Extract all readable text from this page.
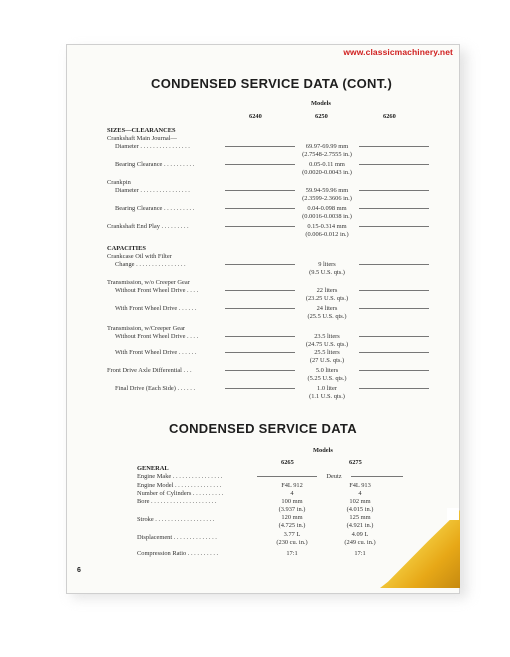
www.classicmachinery.net
CONDENSED SERVICE DATA (CONT.)
Models
6240	6250	6260
SIZES—CLEARANCES
Crankshaft Main Journal—
Diameter . . . . . . . . . . . . . . . .	69.97-69.99 mm
(2.7548-2.7555 in.)
Bearing Clearance . . . . . . . . . .	0.05-0.11 mm
(0.0020-0.0043 in.)
Crankpin
Diameter . . . . . . . . . . . . . . . .	59.94-59.96 mm
(2.3599-2.3606 in.)
Bearing Clearance . . . . . . . . . .	0.04-0.098 mm
(0.0016-0.0038 in.)
Crankshaft End Play . . . . . . . . .	0.15-0.314 mm
(0.006-0.012 in.)
CAPACITIES
Crankcase Oil with Filter
Change . . . . . . . . . . . . . . . .	9 liters
(9.5 U.S. qts.)
Transmission, w/o Creeper Gear
Without Front Wheel Drive . . . .	22 liters
(23.25 U.S. qts.)
With Front Wheel Drive . . . . . .	24 liters
(25.5 U.S. qts.)
Transmission, w/Creeper Gear
Without Front Wheel Drive . . . .	23.5 liters
(24.75 U.S. qts.)
With Front Wheel Drive . . . . . .	25.5 liters
(27 U.S. qts.)
Front Drive Axle Differential . . .	5.0 liters
(5.25 U.S. qts.)
Final Drive (Each Side) . . . . . .	1.0 liter
(1.1 U.S. qts.)
CONDENSED SERVICE DATA
Models
6265	6275
GENERAL
Engine Make . . . . . . . . . . . . . . . .	Deutz
Engine Model . . . . . . . . . . . . . . .	F4L 912	F4L 913
Number of Cylinders . . . . . . . . . .	4	4
Bore . . . . . . . . . . . . . . . . . . . . .	100 mm	102 mm
(3.937 in.)	(4.015 in.)
Stroke . . . . . . . . . . . . . . . . . . .	120 mm	125 mm
(4.725 in.)	(4.921 in.)
Displacement . . . . . . . . . . . . . .	3.77 L	4.09 L
(230 cu. in.)	(249 cu. in.)
Compression Ratio . . . . . . . . . .	17:1	17:1
6
